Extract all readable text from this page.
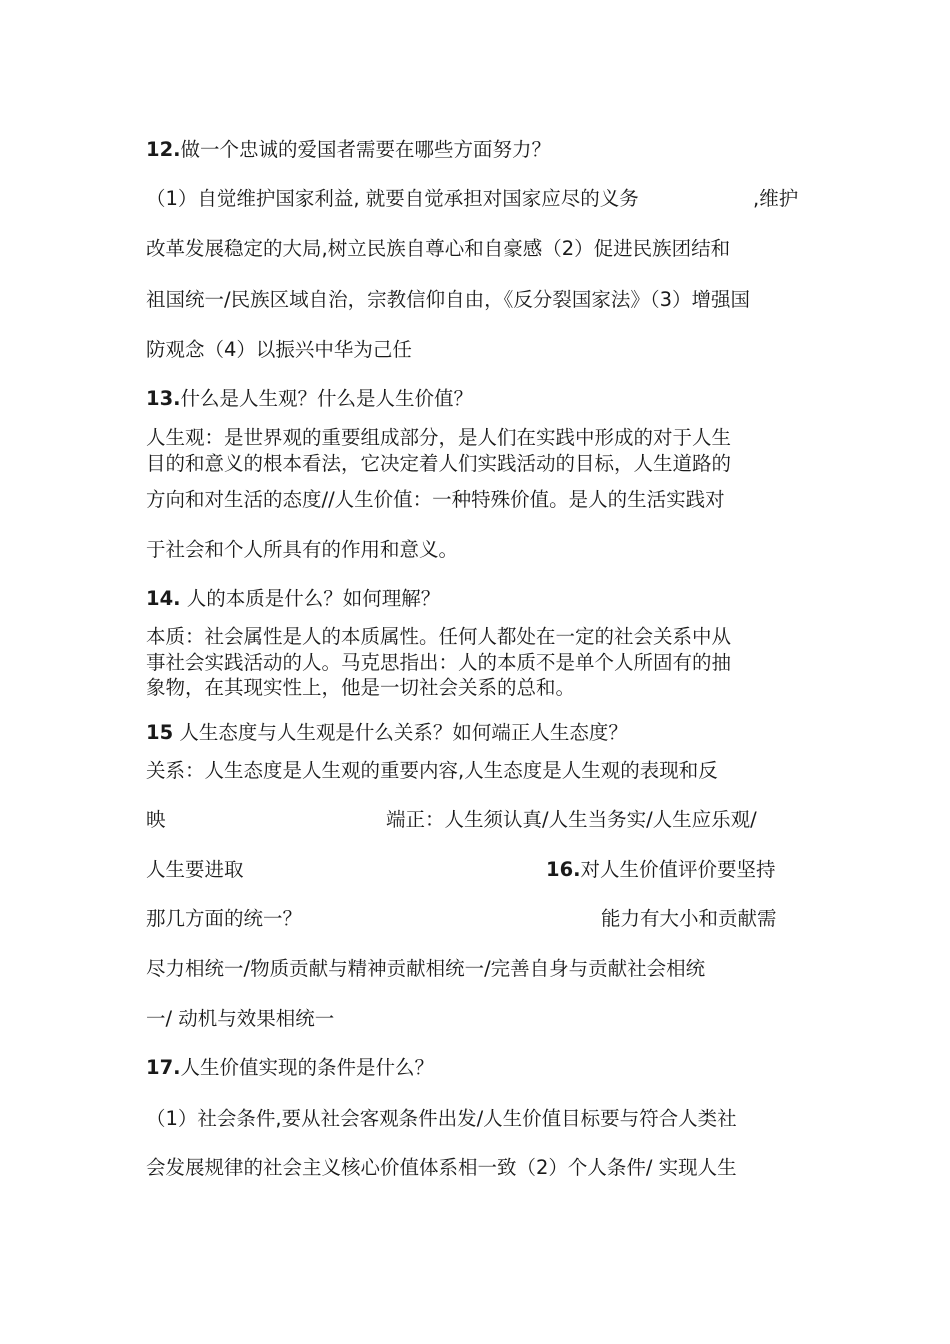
12.做一个忠诚的爱国者需要在哪些方面努力？
（1）自觉维护国家利益, 就要自觉承担对国家应尽的义务	,维护
改革发展稳定的大局,树立民族自尊心和自豪感（2）促进民族团结和
祖国统一/民族区域自治，宗教信仰自由，《反分裂国家法》（3）增强国
防观念（4）以振兴中华为己任
13.什么是人生观？什么是人生价值？
人生观：是世界观的重要组成部分，是人们在实践中形成的对于人生
目的和意义的根本看法，它决定着人们实践活动的目标，人生道路的
方向和对生活的态度//人生价值：一种特殊价值。是人的生活实践对
于社会和个人所具有的作用和意义。
14. 人的本质是什么？如何理解？
本质：社会属性是人的本质属性。任何人都处在一定的社会关系中从
事社会实践活动的人。马克思指出：人的本质不是单个人所固有的抽
象物，在其现实性上，他是一切社会关系的总和。
15 人生态度与人生观是什么关系？如何端正人生态度？
关系：人生态度是人生观的重要内容,人生态度是人生观的表现和反
映	端正：人生须认真/人生当务实/人生应乐观/
人生要进取	16.对人生价值评价要坚持
那几方面的统一？	能力有大小和贡献需
尽力相统一/物质贡献与精神贡献相统一/完善自身与贡献社会相统
一/ 动机与效果相统一
17.人生价值实现的条件是什么？
（1）社会条件,要从社会客观条件出发/人生价值目标要与符合人类社
会发展规律的社会主义核心价值体系相一致（2）个人条件/ 实现人生
